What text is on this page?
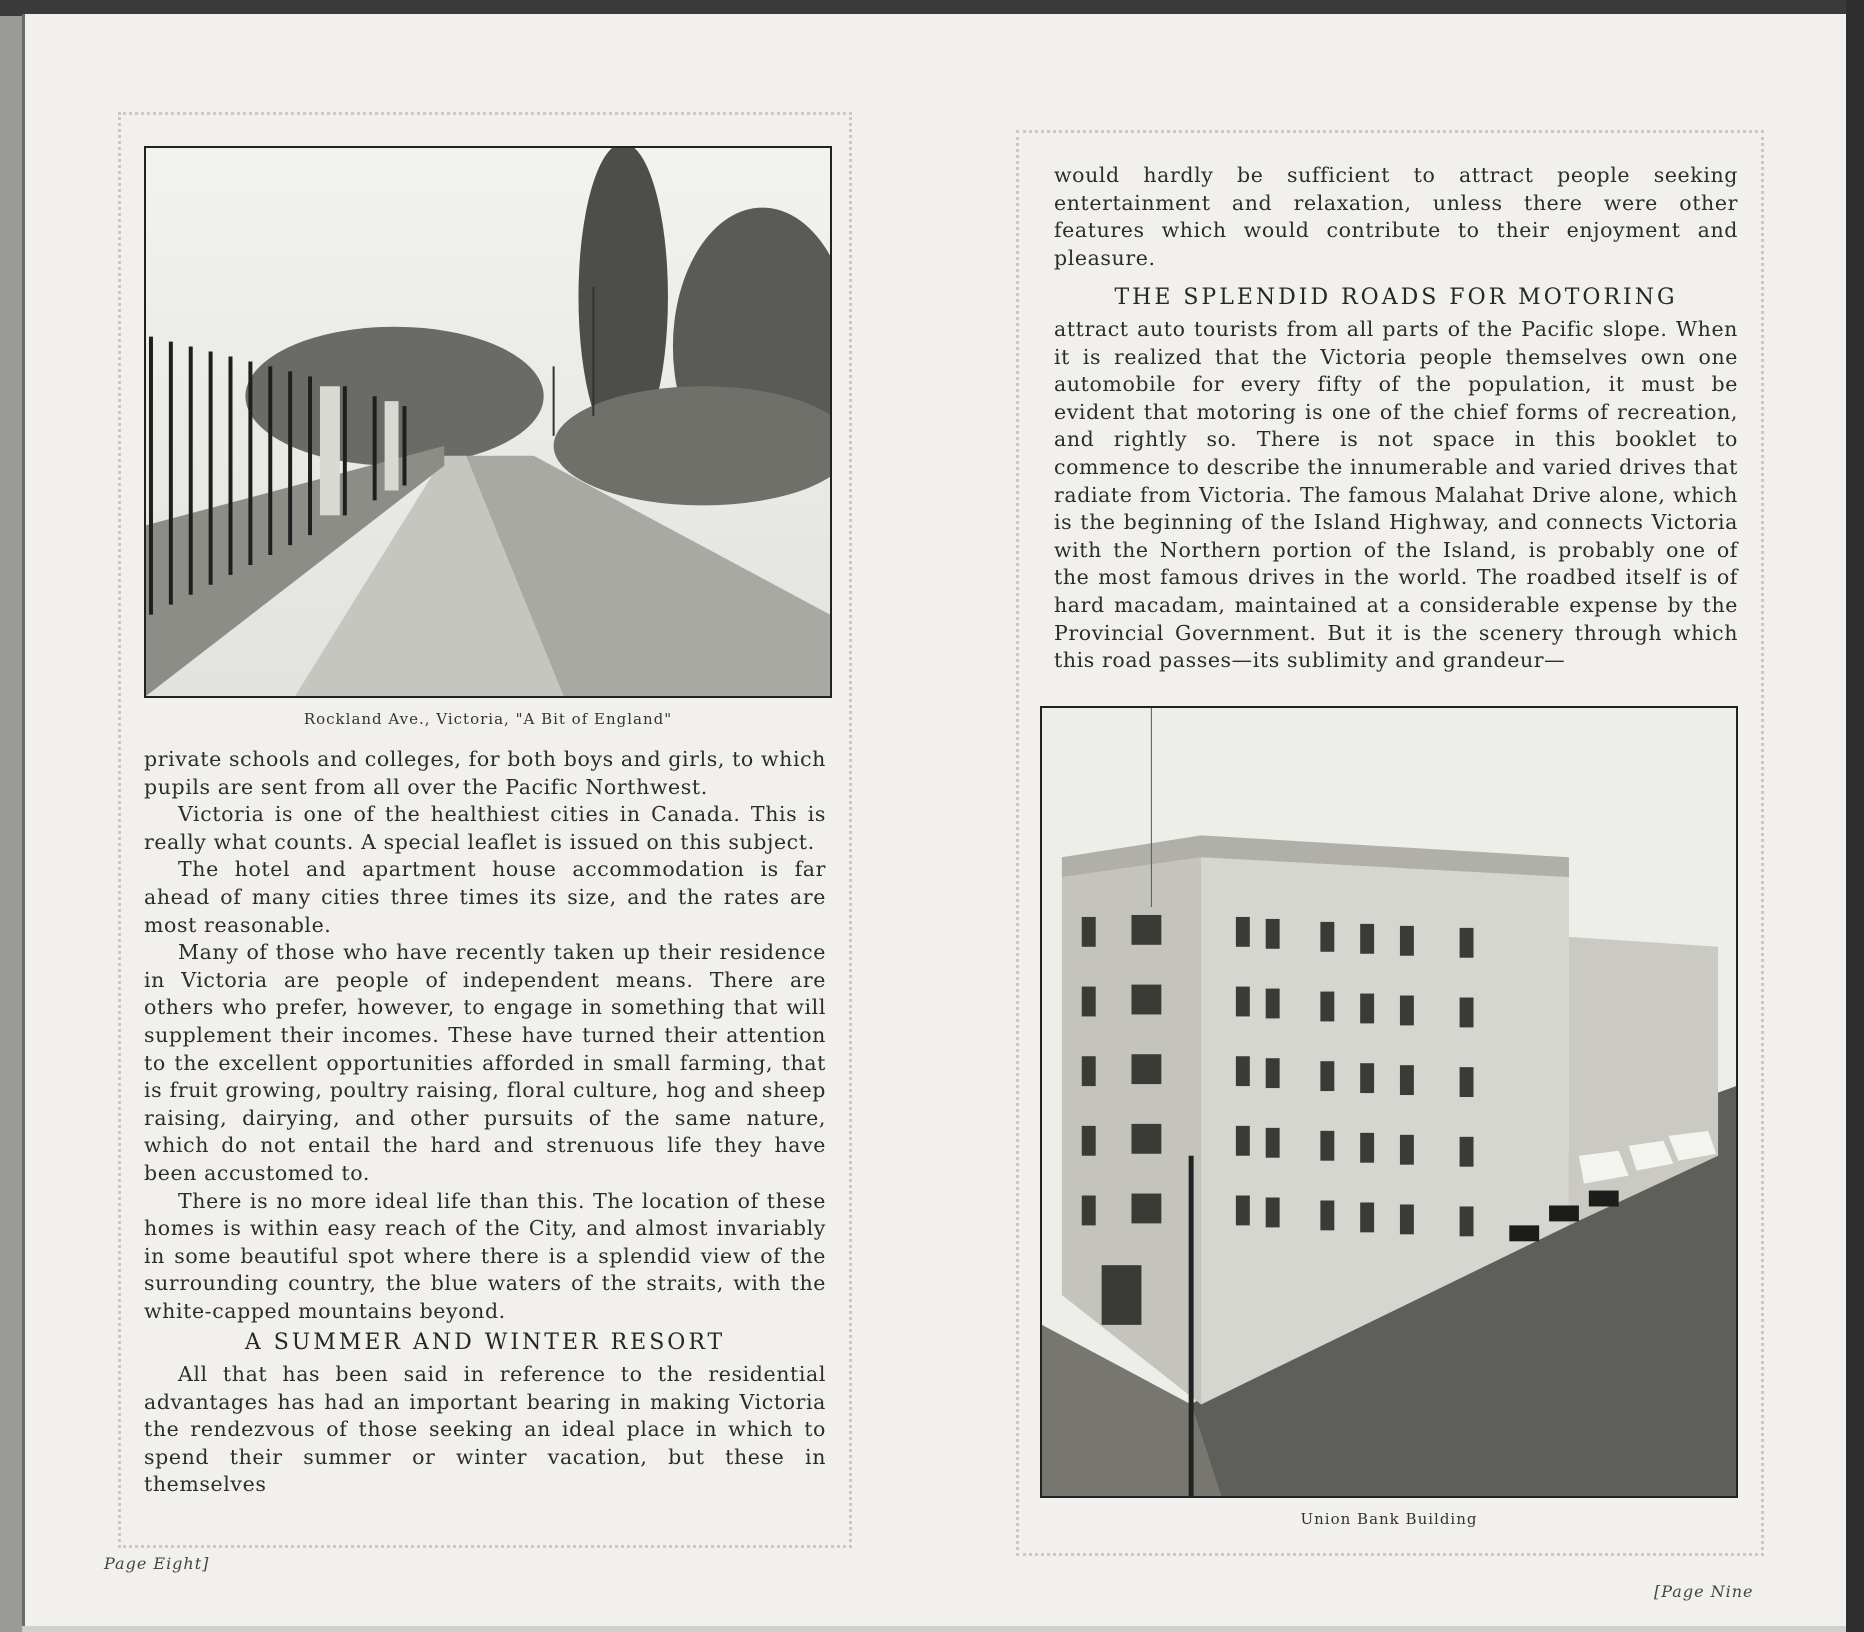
Rockland Ave., Victoria, "A Bit of England"

private schools and colleges, for both boys and girls, to which pupils are sent from all over the Pacific Northwest.

Victoria is one of the healthiest cities in Canada. This is really what counts. A special leaflet is issued on this subject.

The hotel and apartment house accommodation is far ahead of many cities three times its size, and the rates are most reasonable.

Many of those who have recently taken up their residence in Victoria are people of independent means. There are others who prefer, however, to engage in something that will supplement their incomes. These have turned their attention to the excellent opportunities afforded in small farming, that is fruit growing, poultry raising, floral culture, hog and sheep raising, dairying, and other pursuits of the same nature, which do not entail the hard and strenuous life they have been accustomed to.

There is no more ideal life than this. The location of these homes is within easy reach of the City, and almost invariably in some beautiful spot where there is a splendid view of the surrounding country, the blue waters of the straits, with the white-capped mountains beyond.

A SUMMER AND WINTER RESORT

All that has been said in reference to the residential advantages has had an important bearing in making Victoria the rendezvous of those seeking an ideal place in which to spend their summer or winter vacation, but these in themselves

Page Eight]

would hardly be sufficient to attract people seeking entertainment and relaxation, unless there were other features which would contribute to their enjoyment and pleasure.

THE SPLENDID ROADS FOR MOTORING

attract auto tourists from all parts of the Pacific slope. When it is realized that the Victoria people themselves own one automobile for every fifty of the population, it must be evident that motoring is one of the chief forms of recreation, and rightly so. There is not space in this booklet to commence to describe the innumerable and varied drives that radiate from Victoria. The famous Malahat Drive alone, which is the beginning of the Island Highway, and connects Victoria with the Northern portion of the Island, is probably one of the most famous drives in the world. The roadbed itself is of hard macadam, maintained at a considerable expense by the Provincial Government. But it is the scenery through which this road passes—its sublimity and grandeur—

Union Bank Building
[Page Nine
